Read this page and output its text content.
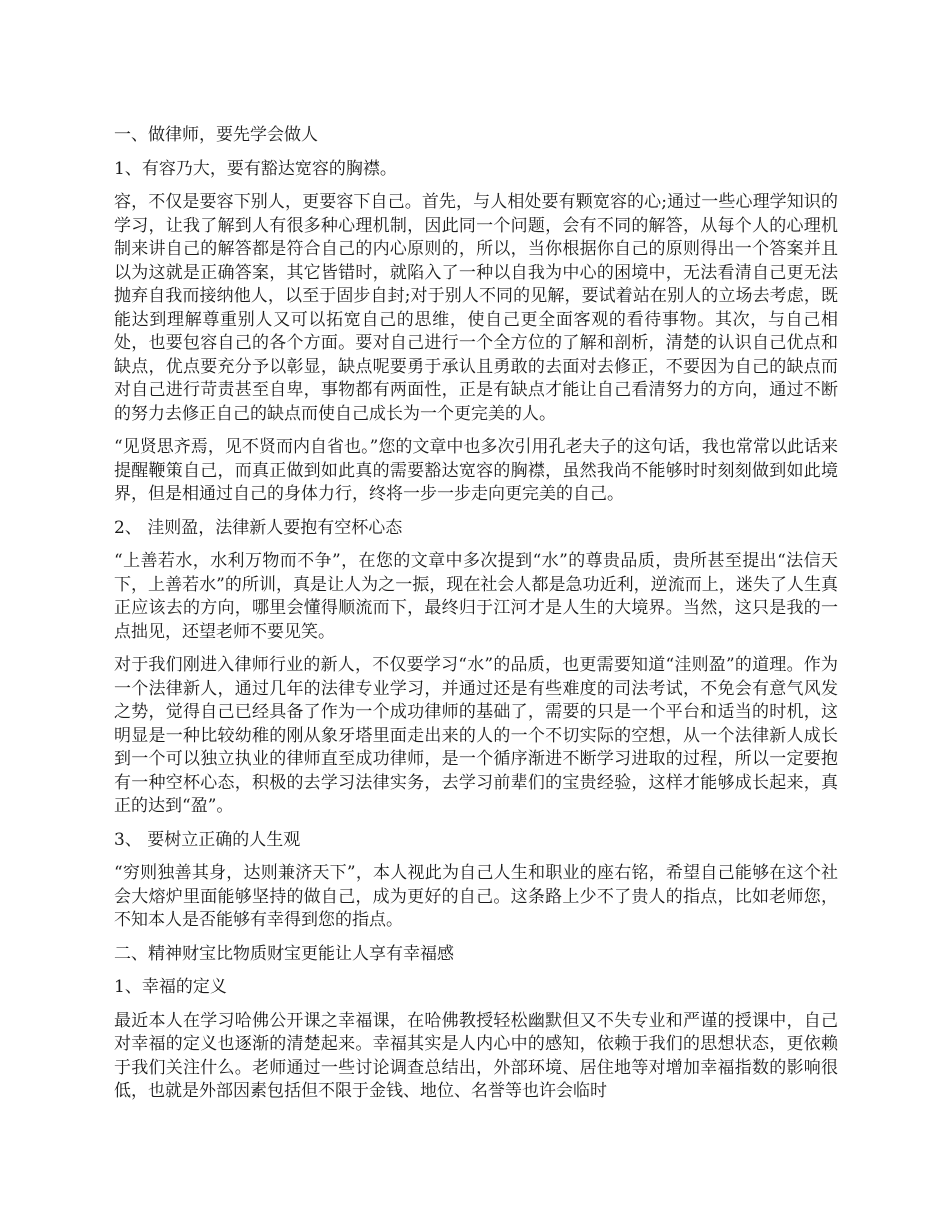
一、做律师，要先学会做人

1、有容乃大，要有豁达宽容的胸襟。

容，不仅是要容下别人，更要容下自己。首先，与人相处要有颗宽容的心;通过一些心理学知识的学习，让我了解到人有很多种心理机制，因此同一个问题，会有不同的解答，从每个人的心理机制来讲自己的解答都是符合自己的内心原则的，所以，当你根据你自己的原则得出一个答案并且以为这就是正确答案，其它皆错时，就陷入了一种以自我为中心的困境中，无法看清自己更无法抛弃自我而接纳他人，以至于固步自封;对于别人不同的见解，要试着站在别人的立场去考虑，既能达到理解尊重别人又可以拓宽自己的思维，使自己更全面客观的看待事物。其次，与自己相处，也要包容自己的各个方面。要对自己进行一个全方位的了解和剖析，清楚的认识自己优点和缺点，优点要充分予以彰显，缺点呢要勇于承认且勇敢的去面对去修正，不要因为自己的缺点而对自己进行苛责甚至自卑，事物都有两面性，正是有缺点才能让自己看清努力的方向，通过不断的努力去修正自己的缺点而使自己成长为一个更完美的人。

“见贤思齐焉，见不贤而内自省也。”您的文章中也多次引用孔老夫子的这句话，我也常常以此话来提醒鞭策自己，而真正做到如此真的需要豁达宽容的胸襟，虽然我尚不能够时时刻刻做到如此境界，但是相通过自己的身体力行，终将一步一步走向更完美的自己。

2、 洼则盈，法律新人要抱有空杯心态

“上善若水，水利万物而不争”，在您的文章中多次提到“水”的尊贵品质，贵所甚至提出“法信天下，上善若水”的所训，真是让人为之一振，现在社会人都是急功近利，逆流而上，迷失了人生真正应该去的方向，哪里会懂得顺流而下，最终归于江河才是人生的大境界。当然，这只是我的一点拙见，还望老师不要见笑。

对于我们刚进入律师行业的新人，不仅要学习“水”的品质，也更需要知道“洼则盈”的道理。作为一个法律新人，通过几年的法律专业学习，并通过还是有些难度的司法考试，不免会有意气风发之势，觉得自己已经具备了作为一个成功律师的基础了，需要的只是一个平台和适当的时机，这明显是一种比较幼稚的刚从象牙塔里面走出来的人的一个不切实际的空想，从一个法律新人成长到一个可以独立执业的律师直至成功律师，是一个循序渐进不断学习进取的过程，所以一定要抱有一种空杯心态，积极的去学习法律实务，去学习前辈们的宝贵经验，这样才能够成长起来，真正的达到“盈”。

3、 要树立正确的人生观

“穷则独善其身，达则兼济天下”，本人视此为自己人生和职业的座右铭，希望自己能够在这个社会大熔炉里面能够坚持的做自己，成为更好的自己。这条路上少不了贵人的指点，比如老师您，不知本人是否能够有幸得到您的指点。

二、精神财宝比物质财宝更能让人享有幸福感

1、幸福的定义

最近本人在学习哈佛公开课之幸福课，在哈佛教授轻松幽默但又不失专业和严谨的授课中，自己对幸福的定义也逐渐的清楚起来。幸福其实是人内心中的感知，依赖于我们的思想状态，更依赖于我们关注什么。老师通过一些讨论调查总结出，外部环境、居住地等对增加幸福指数的影响很低，也就是外部因素包括但不限于金钱、地位、名誉等也许会临时
